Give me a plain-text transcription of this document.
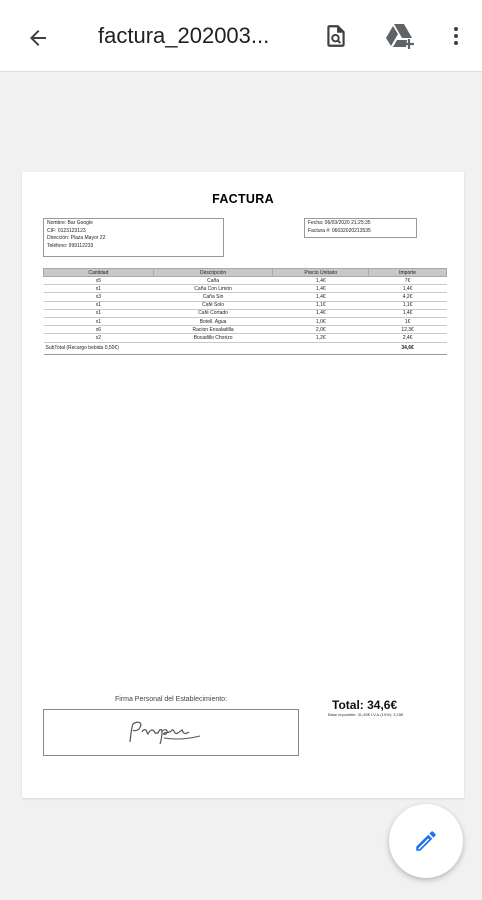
factura_202003...
FACTURA
Nombre: Bar Google
CIF: 0123123123
Dirección: Plaza Mayor 22
Teléfono: 999112233
Fecha: 06/03/2020 21:25:35
Factura #: 06032020213535
Cantidad	Descripción	Precio Unitario	Importe
x5	Caña	1,4€	7€
x1	Caña Con Limón	1,4€	1,4€
x3	Caña Sin	1,4€	4,2€
x1	Café Solo	1,1€	1,1€
x1	Café Cortado	1,4€	1,4€
x1	Botell. Agua	1,0€	1€
x6	Racion Ensaladilla	2,0€	12,3€
x2	Bocadillo Chorizo	1,2€	2,4€
SubTotal (Recargo bebida 0,50€)			34,6€
Firma Personal del Establecimiento:	Total: 34,6€
Base imponible: 31,45€ I.V.A.(10%): 3,15€
